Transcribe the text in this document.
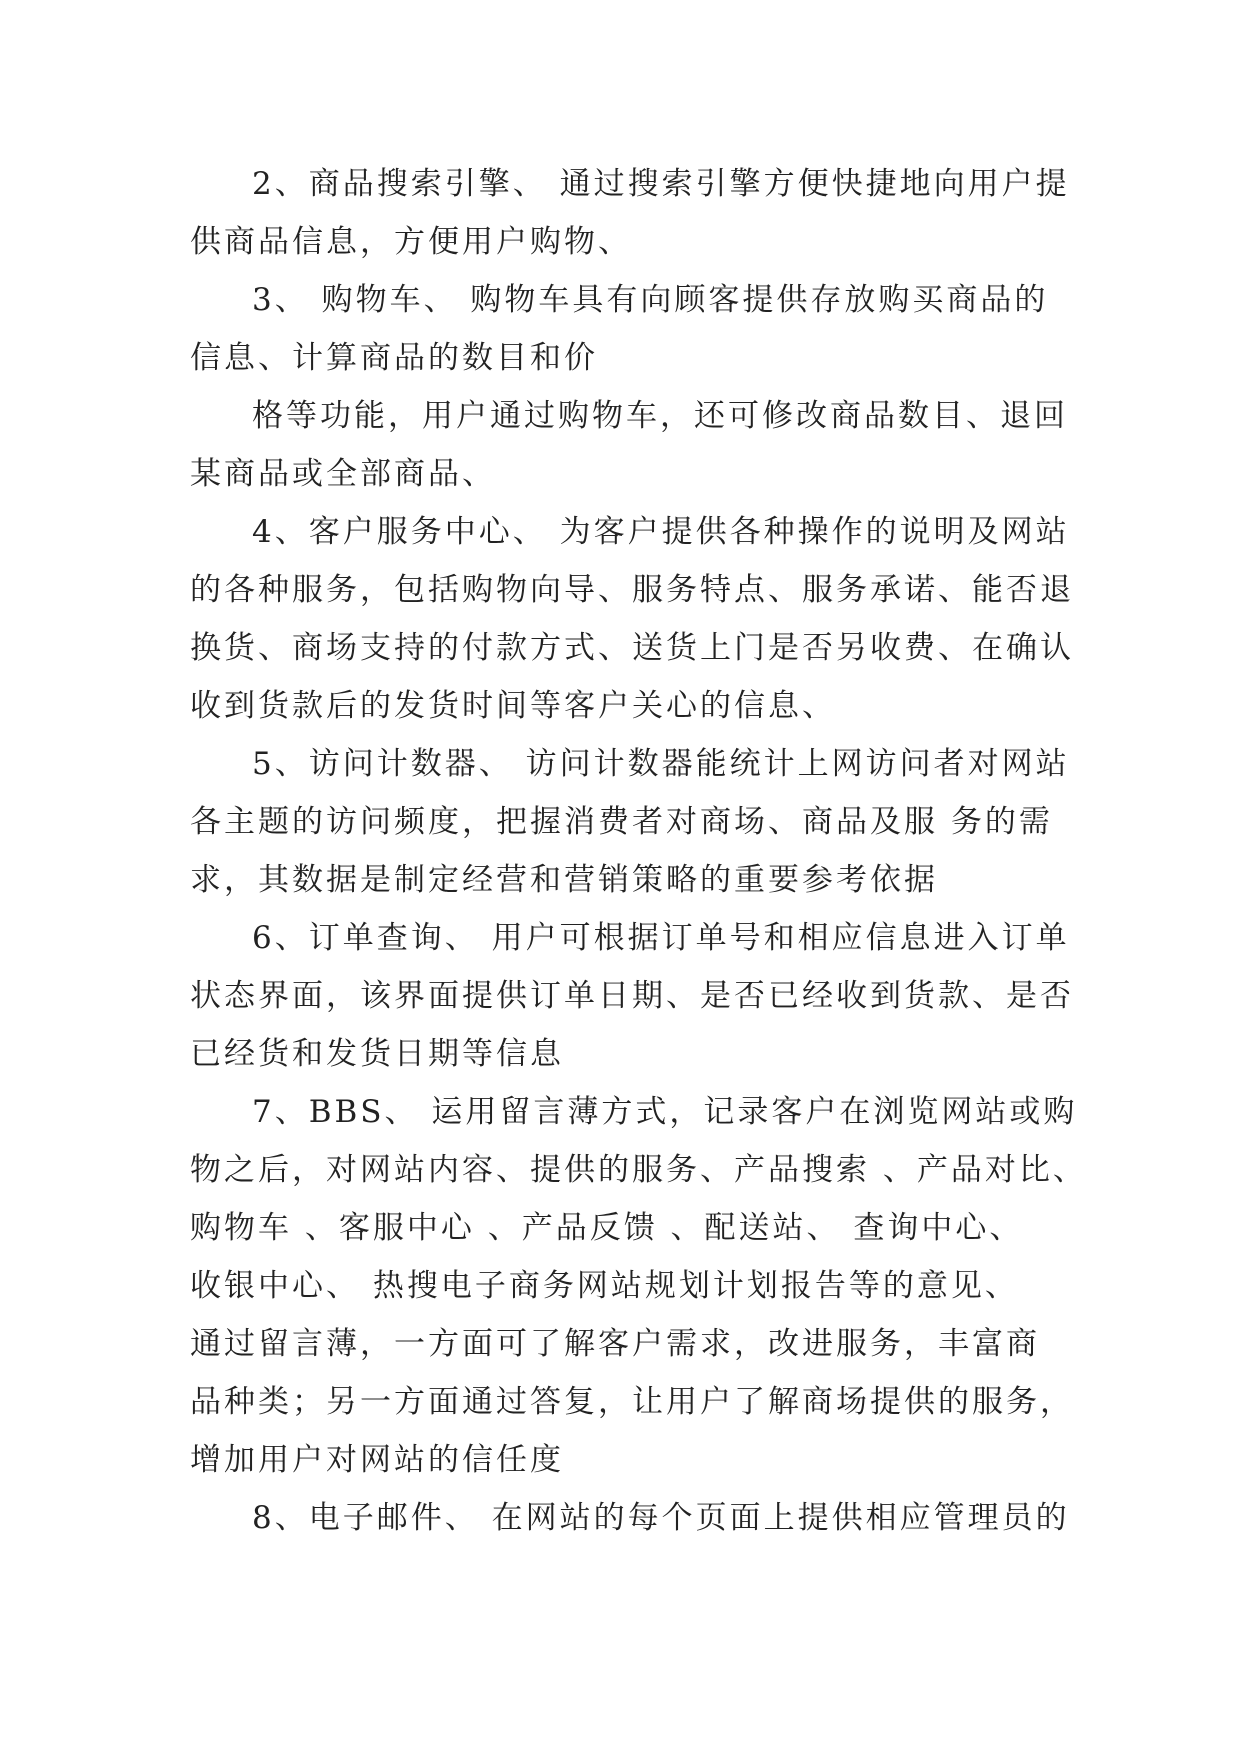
2、商品搜索引擎、 通过搜索引擎方便快捷地向用户提
供商品信息，方便用户购物、
3、 购物车、 购物车具有向顾客提供存放购买商品的
信息、计算商品的数目和价
格等功能，用户通过购物车，还可修改商品数目、退回
某商品或全部商品、
4、客户服务中心、 为客户提供各种操作的说明及网站
的各种服务，包括购物向导、服务特点、服务承诺、能否退
换货、商场支持的付款方式、送货上门是否另收费、在确认
收到货款后的发货时间等客户关心的信息、
5、访问计数器、 访问计数器能统计上网访问者对网站
各主题的访问频度，把握消费者对商场、商品及服 务的需
求，其数据是制定经营和营销策略的重要参考依据
6、订单查询、 用户可根据订单号和相应信息进入订单
状态界面，该界面提供订单日期、是否已经收到货款、是否
已经货和发货日期等信息
7、BBS、 运用留言薄方式，记录客户在浏览网站或购
物之后，对网站内容、提供的服务、产品搜索 、产品对比、
购物车 、客服中心 、产品反馈 、配送站、 查询中心、
收银中心、 热搜电子商务网站规划计划报告等的意见、
通过留言薄，一方面可了解客户需求，改进服务，丰富商
品种类；另一方面通过答复，让用户了解商场提供的服务，
增加用户对网站的信任度
8、电子邮件、 在网站的每个页面上提供相应管理员的
